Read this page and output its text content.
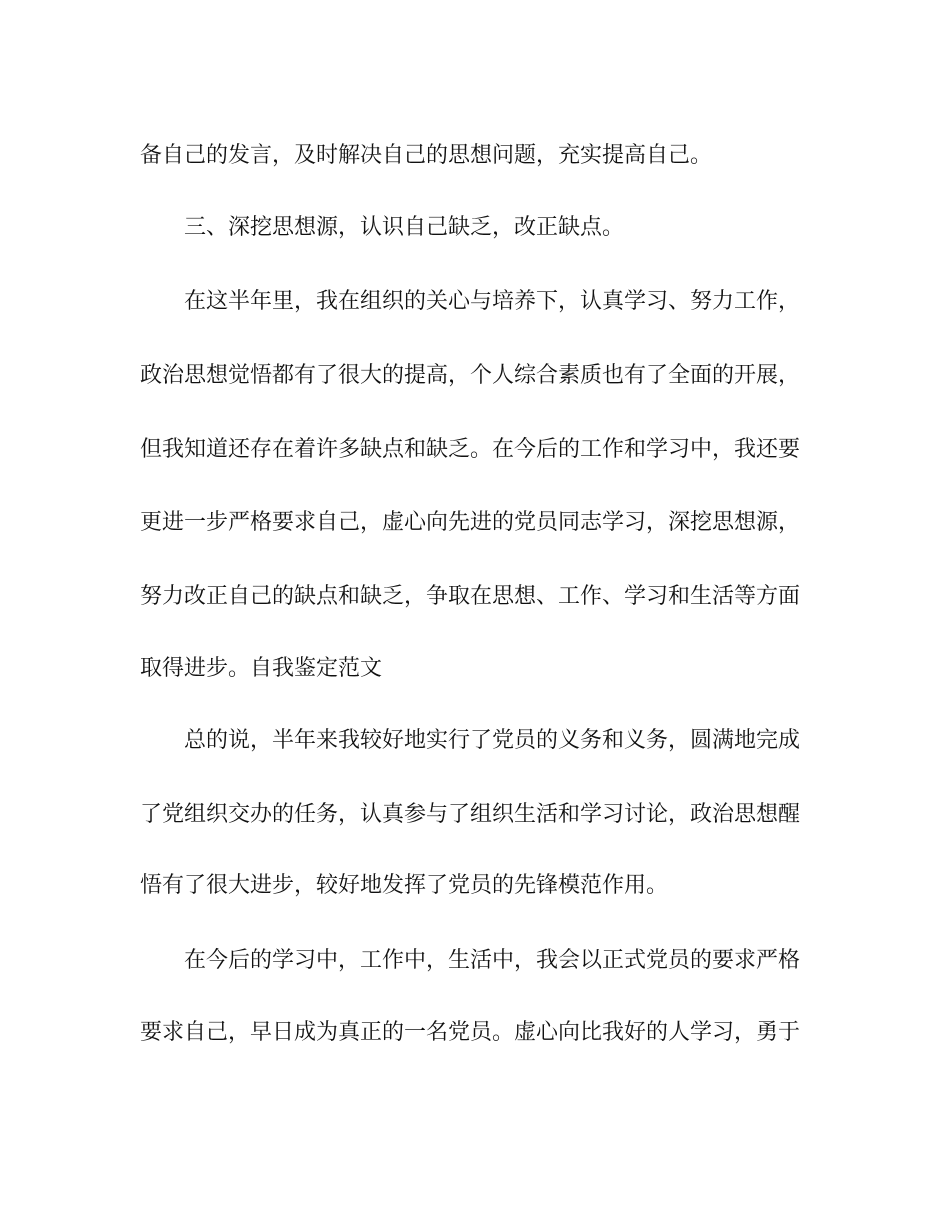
备自己的发言，及时解决自己的思想问题，充实提高自己。
三、深挖思想源，认识自己缺乏，改正缺点。
在这半年里，我在组织的关心与培养下，认真学习、努力工作，
政治思想觉悟都有了很大的提高，个人综合素质也有了全面的开展，
但我知道还存在着许多缺点和缺乏。在今后的工作和学习中，我还要
更进一步严格要求自己，虚心向先进的党员同志学习，深挖思想源，
努力改正自己的缺点和缺乏，争取在思想、工作、学习和生活等方面
取得进步。自我鉴定范文
总的说，半年来我较好地实行了党员的义务和义务，圆满地完成
了党组织交办的任务，认真参与了组织生活和学习讨论，政治思想醒
悟有了很大进步，较好地发挥了党员的先锋模范作用。
在今后的学习中，工作中，生活中，我会以正式党员的要求严格
要求自己，早日成为真正的一名党员。虚心向比我好的人学习，勇于
